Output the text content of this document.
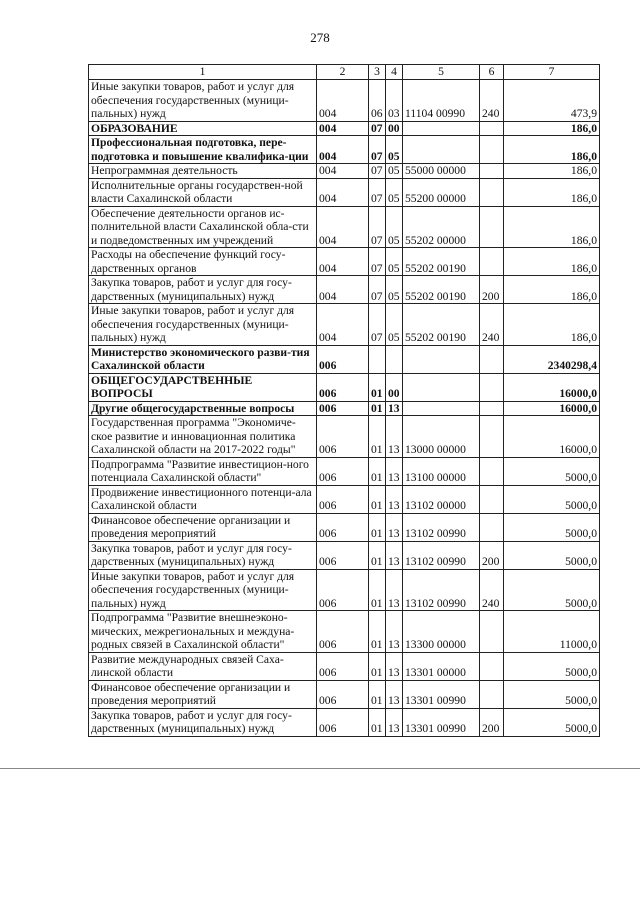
278
1	2	3	4	5	6	7
Иные закупки товаров, работ и услуг для обеспечения государственных (муници-пальных) нужд	004	06	03	11104 00990	240	473,9
ОБРАЗОВАНИЕ	004	07	00			186,0
Профессиональная подготовка, пере-подготовка и повышение квалифика-ции	004	07	05			186,0
Непрограммная деятельность	004	07	05	55000 00000		186,0
Исполнительные органы государствен-ной власти Сахалинской области	004	07	05	55200 00000		186,0
Обеспечение деятельности органов ис-полнительной власти Сахалинской обла-сти и подведомственных им учреждений	004	07	05	55202 00000		186,0
Расходы на обеспечение функций госу-дарственных органов	004	07	05	55202 00190		186,0
Закупка товаров, работ и услуг для госу-дарственных (муниципальных) нужд	004	07	05	55202 00190	200	186,0
Иные закупки товаров, работ и услуг для обеспечения государственных (муници-пальных) нужд	004	07	05	55202 00190	240	186,0
Министерство экономического разви-тия Сахалинской области	006					2340298,4
ОБЩЕГОСУДАРСТВЕННЫЕ ВОПРОСЫ	006	01	00			16000,0
Другие общегосударственные вопросы	006	01	13			16000,0
Государственная программа "Экономиче-ское развитие и инновационная политика Сахалинской области на 2017-2022 годы"	006	01	13	13000 00000		16000,0
Подпрограмма "Развитие инвестицион-ного потенциала Сахалинской области"	006	01	13	13100 00000		5000,0
Продвижение инвестиционного потенци-ала Сахалинской области	006	01	13	13102 00000		5000,0
Финансовое обеспечение организации и проведения мероприятий	006	01	13	13102 00990		5000,0
Закупка товаров, работ и услуг для госу-дарственных (муниципальных) нужд	006	01	13	13102 00990	200	5000,0
Иные закупки товаров, работ и услуг для обеспечения государственных (муници-пальных) нужд	006	01	13	13102 00990	240	5000,0
Подпрограмма "Развитие внешнеэконо-мических, межрегиональных и междуна-родных связей в Сахалинской области"	006	01	13	13300 00000		11000,0
Развитие международных связей Саха-линской области	006	01	13	13301 00000		5000,0
Финансовое обеспечение организации и проведения мероприятий	006	01	13	13301 00990		5000,0
Закупка товаров, работ и услуг для госу-дарственных (муниципальных) нужд	006	01	13	13301 00990	200	5000,0
